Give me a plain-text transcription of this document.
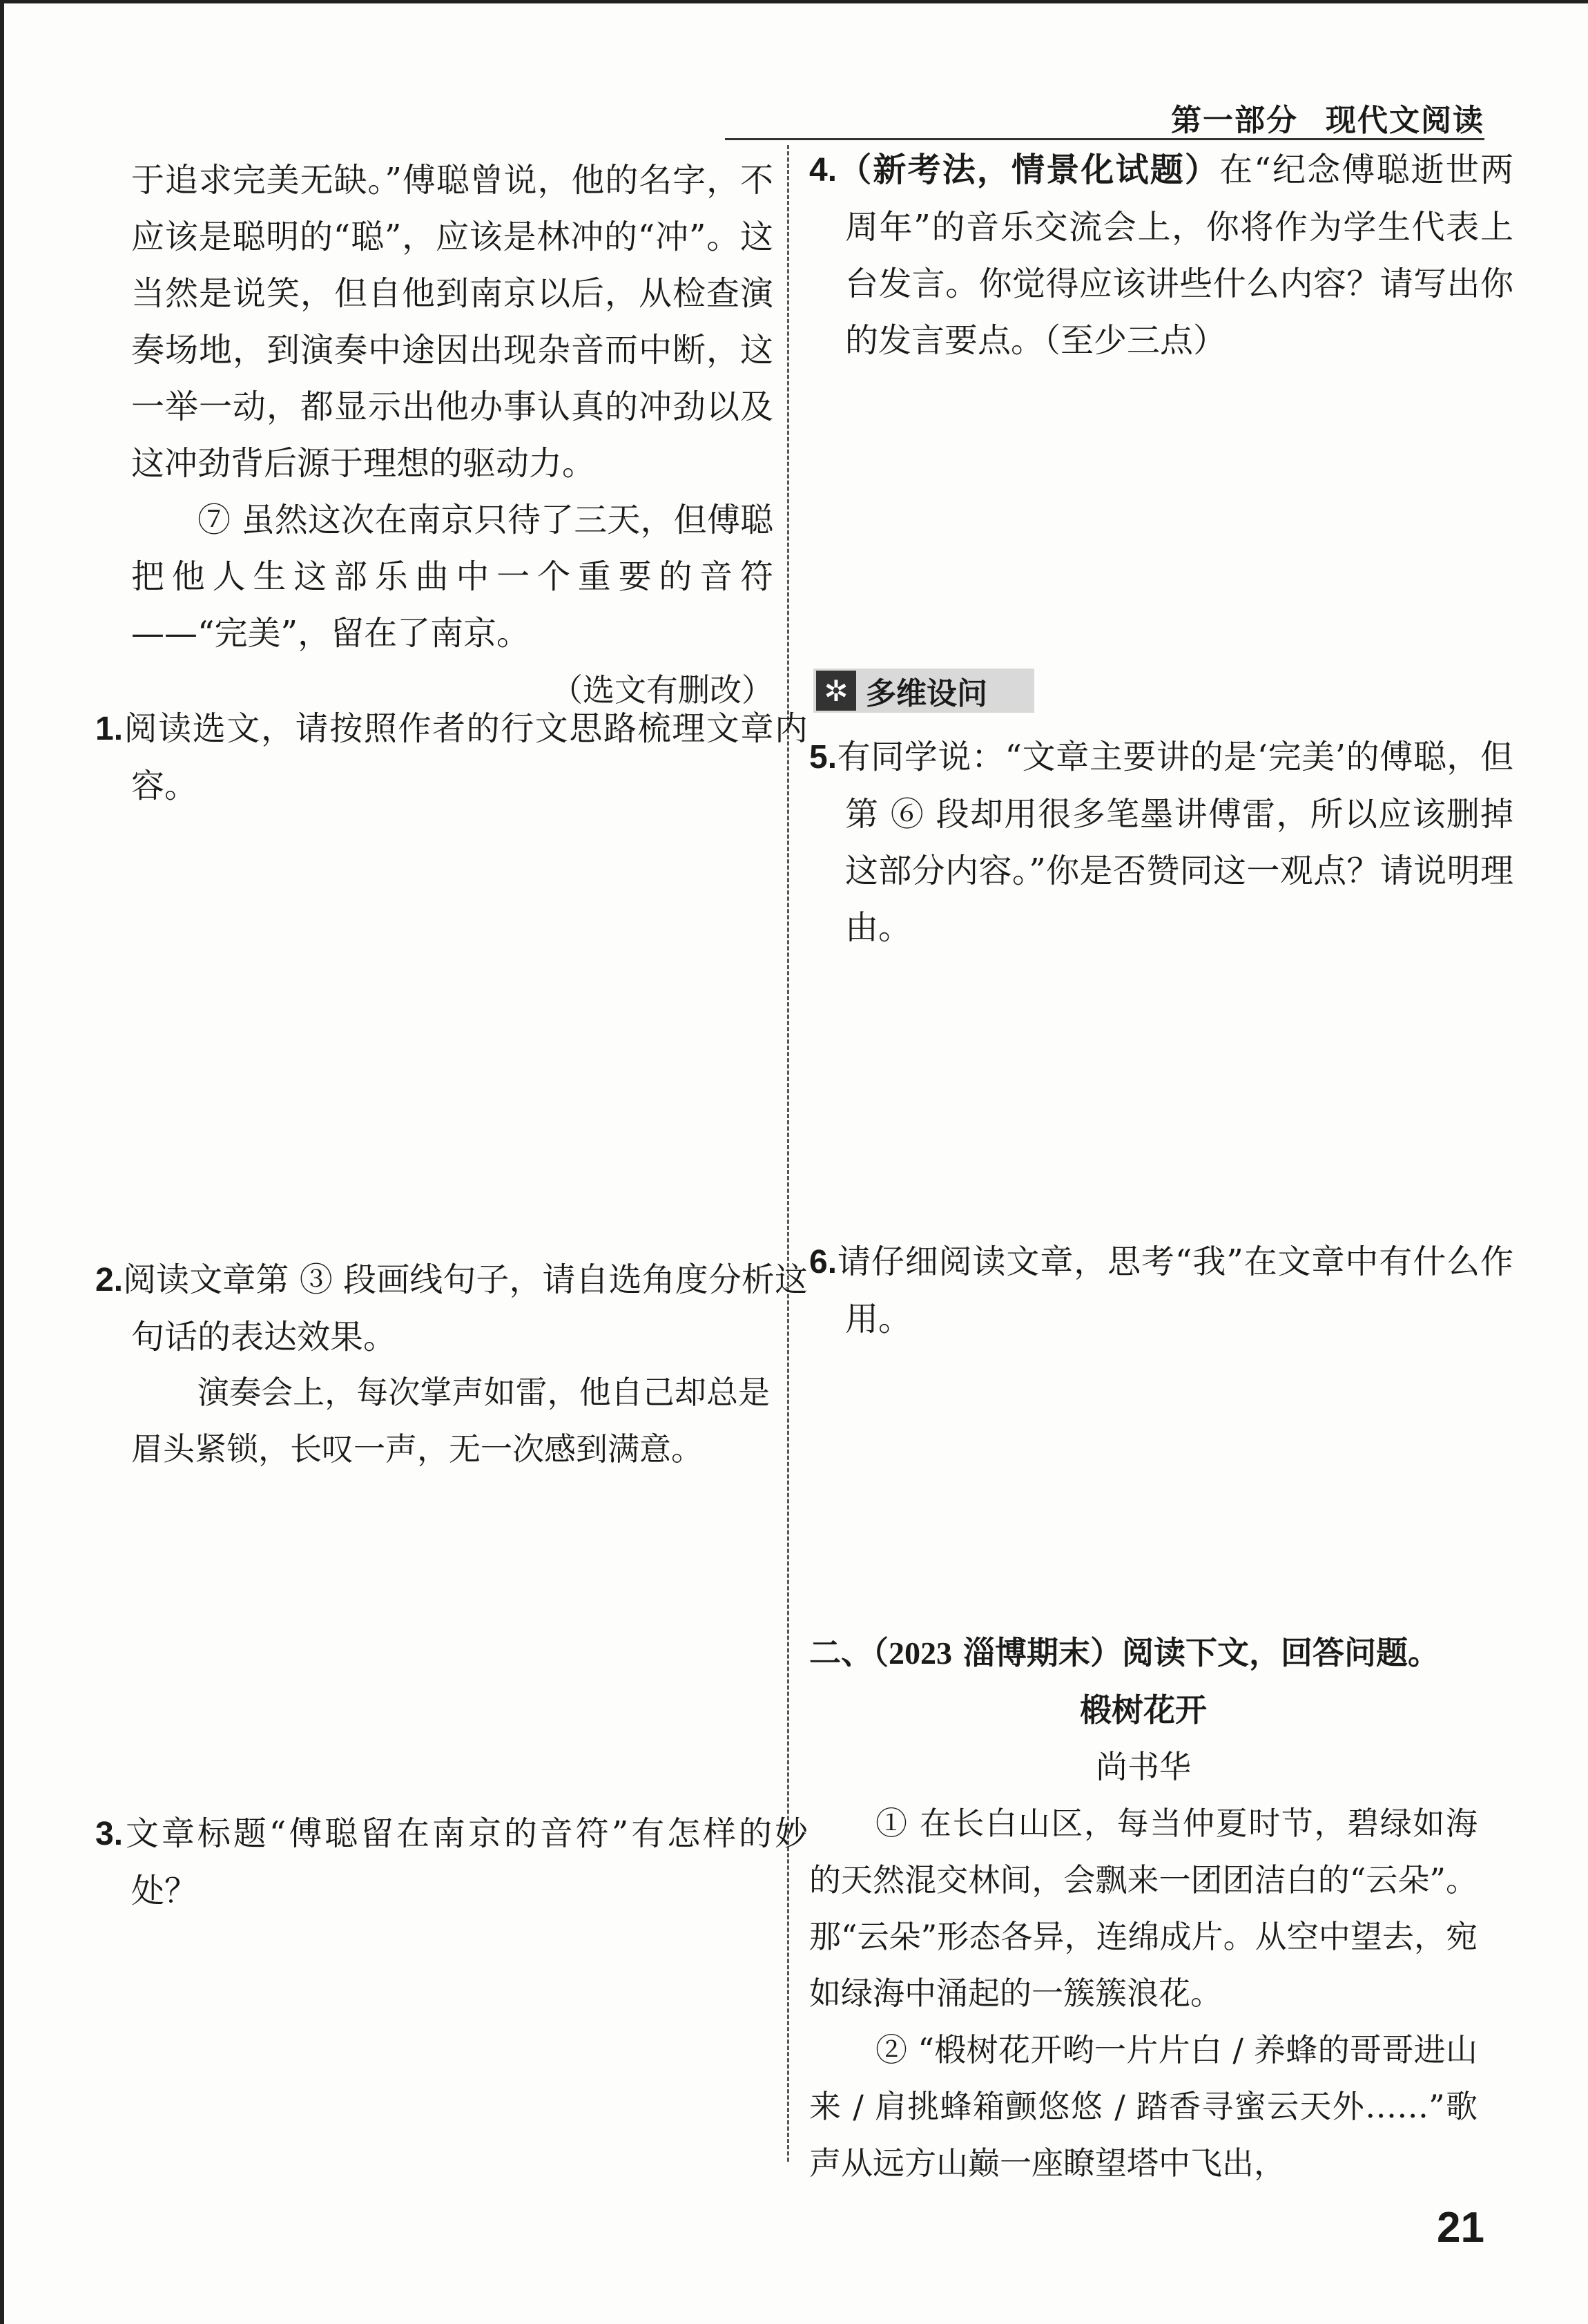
第一部分 现代文阅读

于追求完美无缺。”傅聪曾说，他的名字，不应该是聪明的“聪”，应该是林冲的“冲”。这当然是说笑，但自他到南京以后，从检查演奏场地，到演奏中途因出现杂音而中断，这一举一动，都显示出他办事认真的冲劲以及这冲劲背后源于理想的驱动力。

⑦ 虽然这次在南京只待了三天，但傅聪把他人生这部乐曲中一个重要的音符——“完美”，留在了南京。

（选文有删改）

1.阅读选文，请按照作者的行文思路梳理文章内容。
2.阅读文章第 ③ 段画线句子，请自选角度分析这句话的表达效果。

演奏会上，每次掌声如雷，他自己却总是眉头紧锁，长叹一声，无一次感到满意。

3.文章标题“傅聪留在南京的音符”有怎样的妙处？
4.（新考法，情景化试题）在“纪念傅聪逝世两周年”的音乐交流会上，你将作为学生代表上台发言。你觉得应该讲些什么内容？请写出你的发言要点。（至少三点）
✲ 多维设问
5.有同学说：“文章主要讲的是‘完美’的傅聪，但第 ⑥ 段却用很多笔墨讲傅雷，所以应该删掉这部分内容。”你是否赞同这一观点？请说明理由。
6.请仔细阅读文章，思考“我”在文章中有什么作用。

二、（2023 淄博期末）阅读下文，回答问题。

椴树花开

尚书华

① 在长白山区，每当仲夏时节，碧绿如海的天然混交林间，会飘来一团团洁白的“云朵”。那“云朵”形态各异，连绵成片。从空中望去，宛如绿海中涌起的一簇簇浪花。

② “椴树花开哟一片片白 / 养蜂的哥哥进山来 / 肩挑蜂箱颤悠悠 / 踏香寻蜜云天外……”歌声从远方山巅一座瞭望塔中飞出，

21
